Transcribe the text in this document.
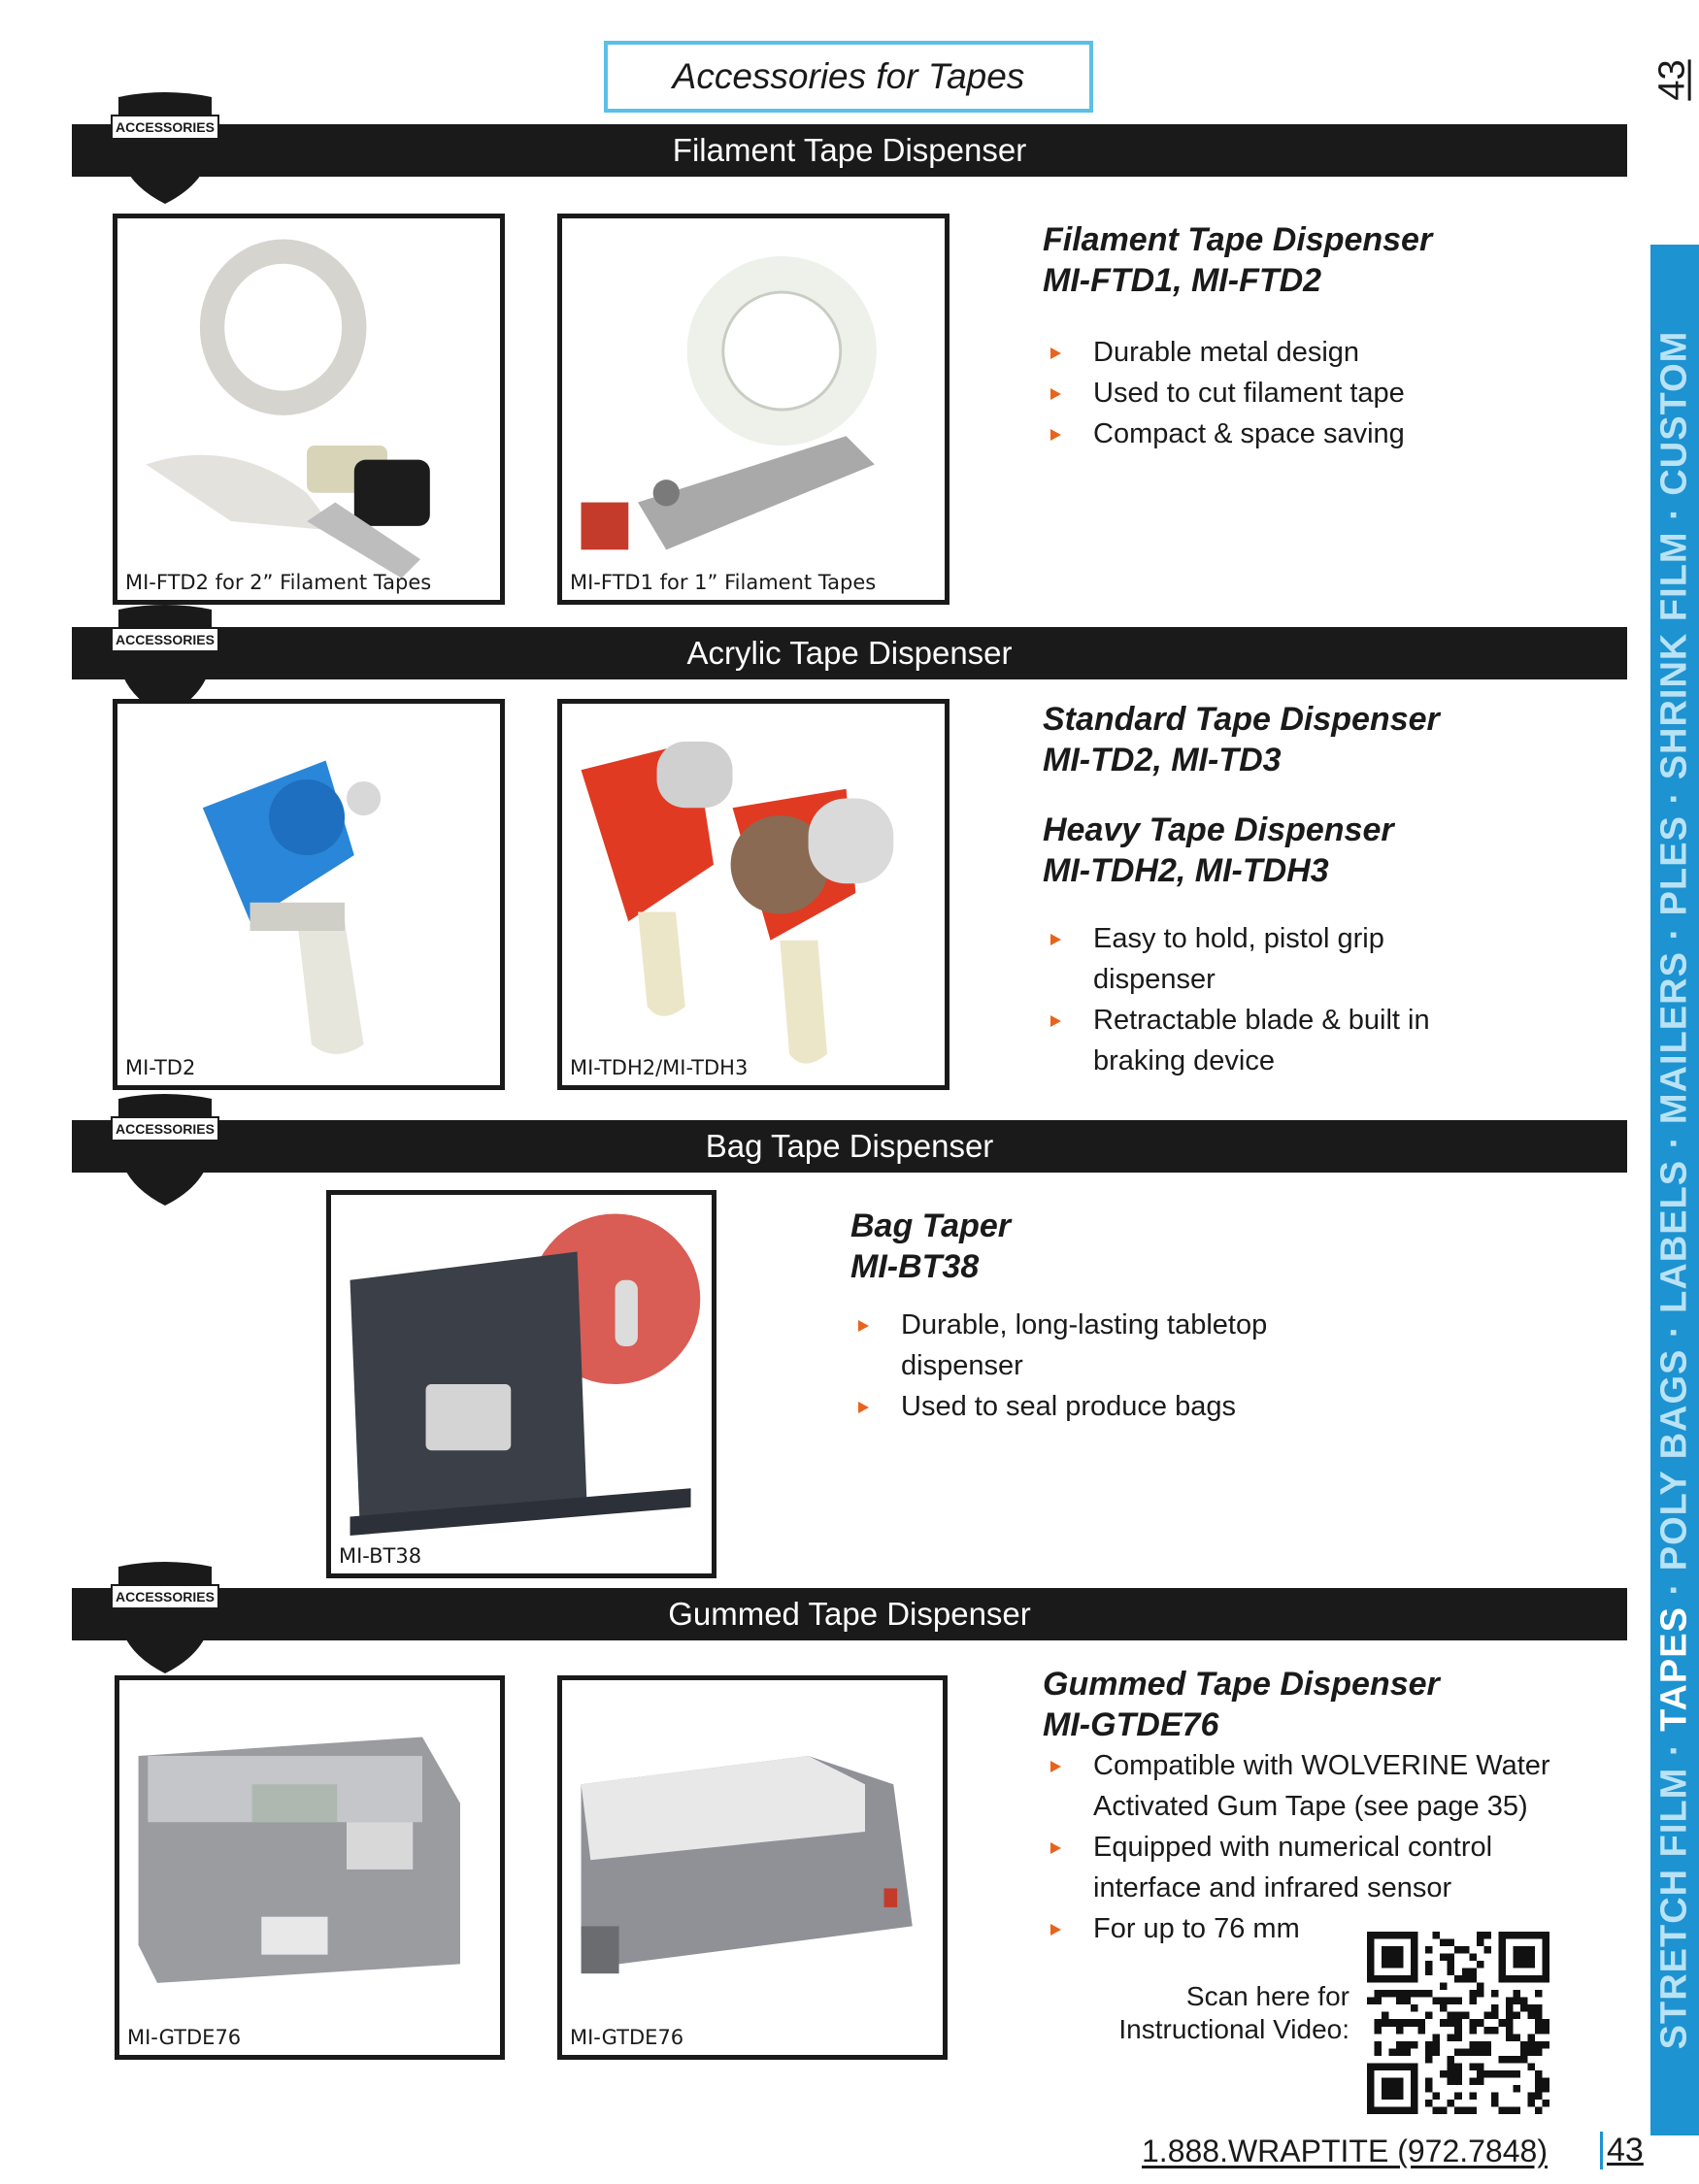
Accessories for Tapes	43
STRETCH FILM · TAPES · POLY BAGS · LABELS · MAILERS · PLES · SHRINK FILM · CUSTOM
Filament Tape Dispenser
ACCESSORIES
MI-FTD2 for 2” Filament Tapes	MI-FTD1 for 1” Filament Tapes
Filament Tape Dispenser
MI-FTD1, MI-FTD2
Durable metal design
Used to cut filament tape
Compact & space saving
Acrylic Tape Dispenser
ACCESSORIES
MI-TD2	MI-TDH2/MI-TDH3
Standard Tape Dispenser
MI-TD2, MI-TD3
Heavy Tape Dispenser
MI-TDH2, MI-TDH3
Easy to hold, pistol grip dispenser
Retractable blade & built in braking device
Bag Tape Dispenser
ACCESSORIES
MI-BT38
Bag Taper
MI-BT38
Durable, long-lasting tabletop dispenser
Used to seal produce bags
Gummed Tape Dispenser
ACCESSORIES
MI-GTDE76	MI-GTDE76
Gummed Tape Dispenser
MI-GTDE76
Compatible with WOLVERINE Water Activated Gum Tape (see page 35)
Equipped with numerical control interface and infrared sensor
For up to 76 mm
Scan here for Instructional Video:
1.888.WRAPTITE (972.7848) 43
